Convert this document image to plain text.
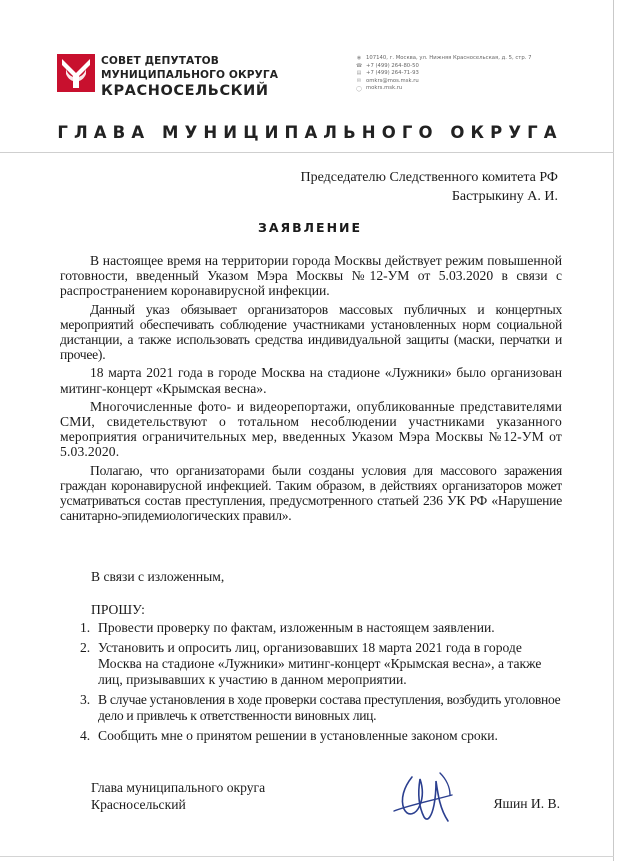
СОВЕТ ДЕПУТАТОВ
МУНИЦИПАЛЬНОГО ОКРУГА
КРАСНОСЕЛЬСКИЙ
◉ 107140, г. Москва, ул. Нижняя Красносельская, д. 5, стр. 7
☎ +7 (499) 264-80-50
▤ +7 (499) 264-71-93
✉ omkrs@mos.msk.ru
◯ mokrs.msk.ru
ГЛАВА МУНИЦИПАЛЬНОГО ОКРУГА
Председателю Следственного комитета РФ
Бастрыкину А. И.
ЗАЯВЛЕНИЕ

В настоящее время на территории города Москвы действует режим повышенной готовности, введенный Указом Мэра Москвы №12-УМ от 5.03.2020 в связи с распространением коронавирусной инфекции.

Данный указ обязывает организаторов массовых публичных и концертных мероприятий обеспечивать соблюдение участниками установленных норм социальной дистанции, а также использовать средства индивидуальной защиты (маски, перчатки и прочее).

18 марта 2021 года в городе Москва на стадионе «Лужники» было организован митинг-концерт «Крымская весна».

Многочисленные фото- и видеорепортажи, опубликованные представителями СМИ, свидетельствуют о тотальном несоблюдении участниками указанного мероприятия ограничительных мер, введенных Указом Мэра Москвы №12-УМ от 5.03.2020.

Полагаю, что организаторами были созданы условия для массового заражения граждан коронавирусной инфекцией. Таким образом, в действиях организаторов может усматриваться состав преступления, предусмотренного статьей 236 УК РФ «Нарушение санитарно-эпидемиологических правил».

В связи с изложенным,
ПРОШУ:
1. Провести проверку по фактам, изложенным в настоящем заявлении.
2. Установить и опросить лиц, организовавших 18 марта 2021 года в городе Москва на стадионе «Лужники» митинг-концерт «Крымская весна», а также лиц, призывавших к участию в данном мероприятии.
3. В случае установления в ходе проверки состава преступления, возбудить уголовное дело и привлечь к ответственности виновных лиц.
4. Сообщить мне о принятом решении в установленные законом сроки.
Глава муниципального округа
Красносельский	Яшин И. В.
